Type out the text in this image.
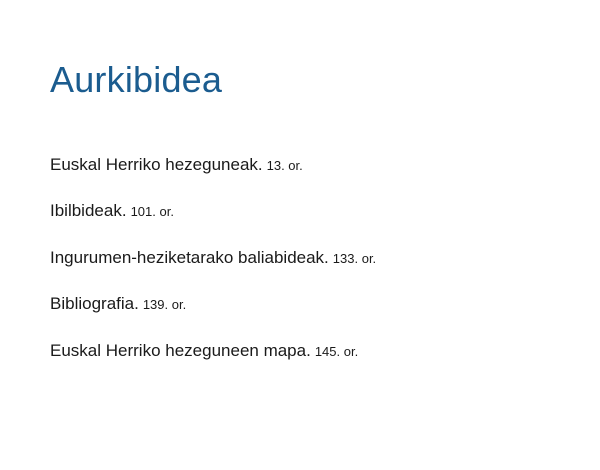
Aurkibidea

Euskal Herriko hezeguneak. 13. or.

Ibilbideak. 101. or.

Ingurumen-heziketarako baliabideak. 133. or.

Bibliografia. 139. or.

Euskal Herriko hezeguneen mapa. 145. or.
